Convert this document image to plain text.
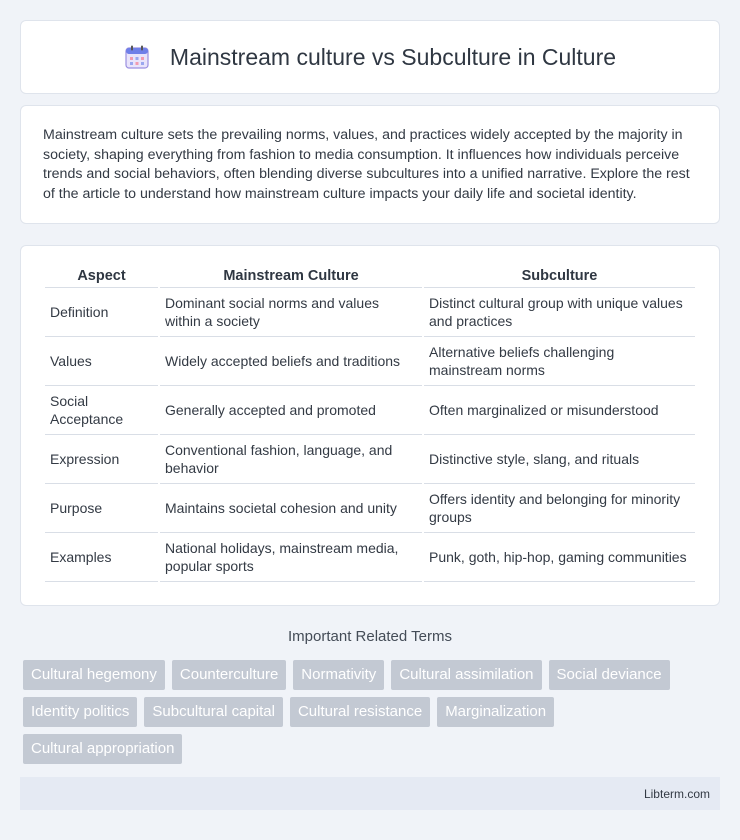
Mainstream culture vs Subculture in Culture

Mainstream culture sets the prevailing norms, values, and practices widely accepted by the majority in society, shaping everything from fashion to media consumption. It influences how individuals perceive trends and social behaviors, often blending diverse subcultures into a unified narrative. Explore the rest of the article to understand how mainstream culture impacts your daily life and societal identity.

Aspect	Mainstream Culture	Subculture
Definition	Dominant social norms and values within a society	Distinct cultural group with unique values and practices
Values	Widely accepted beliefs and traditions	Alternative beliefs challenging mainstream norms
Social Acceptance	Generally accepted and promoted	Often marginalized or misunderstood
Expression	Conventional fashion, language, and behavior	Distinctive style, slang, and rituals
Purpose	Maintains societal cohesion and unity	Offers identity and belonging for minority groups
Examples	National holidays, mainstream media, popular sports	Punk, goth, hip-hop, gaming communities
Important Related Terms
Cultural hegemony	Counterculture	Normativity	Cultural assimilation	Social deviance
Identity politics	Subcultural capital	Cultural resistance	Marginalization
Cultural appropriation
Libterm.com
